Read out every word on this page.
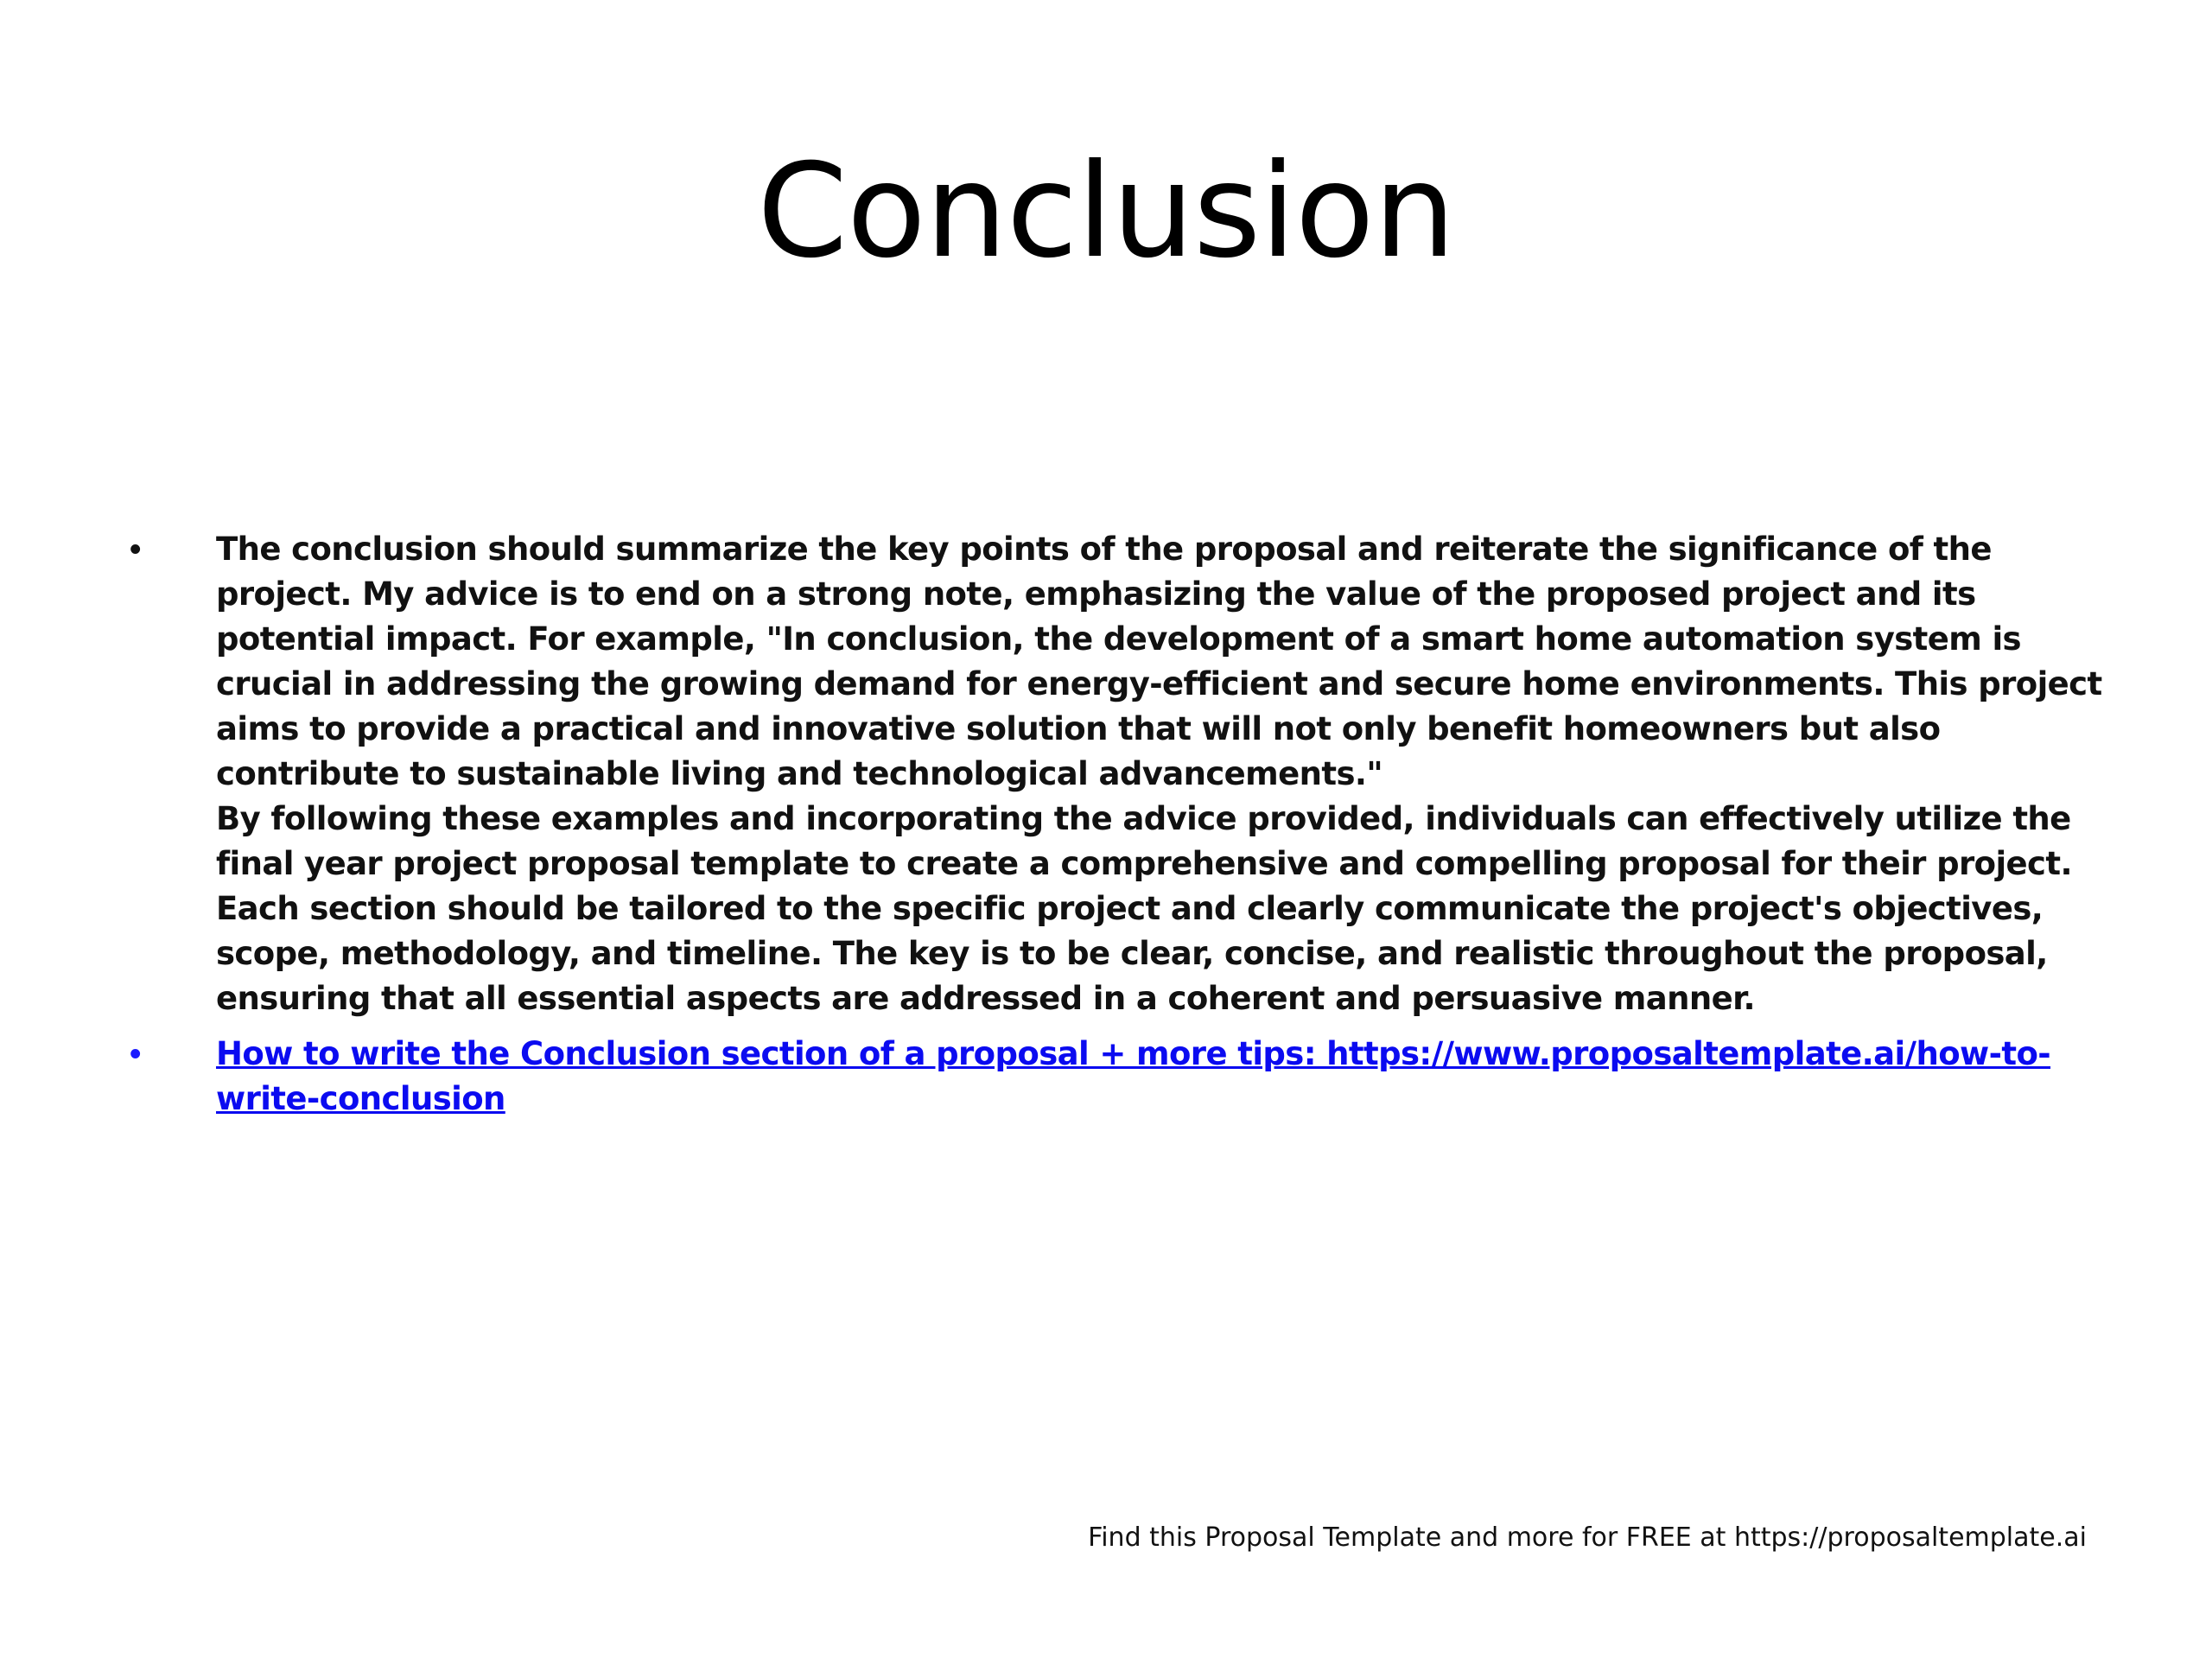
Conclusion
•	The conclusion should summarize the key points of the proposal and reiterate the significance of the project. My advice is to end on a strong note, emphasizing the value of the proposed project and its potential impact. For example, "In conclusion, the development of a smart home automation system is crucial in addressing the growing demand for energy-efficient and secure home environments. This project aims to provide a practical and innovative solution that will not only benefit homeowners but also contribute to sustainable living and technological advancements."

By following these examples and incorporating the advice provided, individuals can effectively utilize the final year project proposal template to create a comprehensive and compelling proposal for their project. Each section should be tailored to the specific project and clearly communicate the project's objectives, scope, methodology, and timeline. The key is to be clear, concise, and realistic throughout the proposal, ensuring that all essential aspects are addressed in a coherent and persuasive manner.

•	How to write the Conclusion section of a proposal + more tips: https://www.proposaltemplate.ai/how-to-write-conclusion
Find this Proposal Template and more for FREE at https://proposaltemplate.ai
